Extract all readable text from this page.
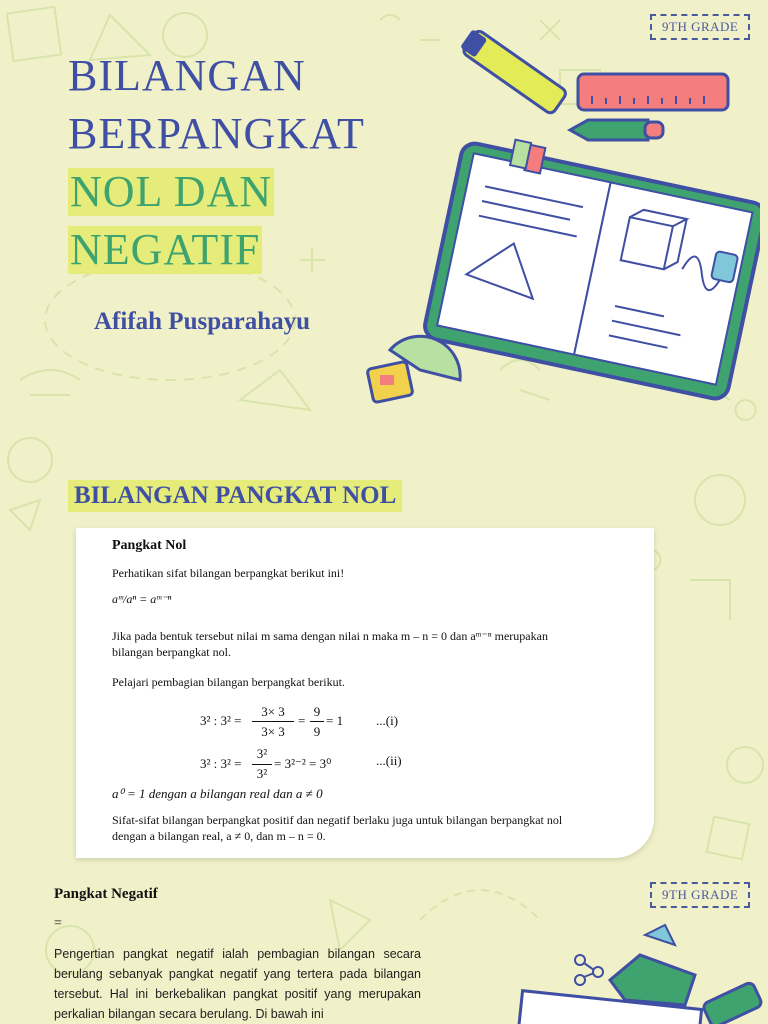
9TH GRADE
BILANGAN
BERPANGKAT
NOL DAN
NEGATIF
Afifah Pusparahayu
BILANGAN PANGKAT NOL
Pangkat Nol
Perhatikan sifat bilangan berpangkat berikut ini!
aᵐ/aⁿ = aᵐ⁻ⁿ
Jika pada bentuk tersebut nilai m sama dengan nilai n maka m – n = 0 dan aᵐ⁻ⁿ merupakan
bilangan berpangkat nol.
Pelajari pembagian bilangan berpangkat berikut.
3² : 3² =
3× 3
3× 3
=
9
9
= 1	...(i)
3² : 3² =
3²
3²
= 3²⁻² = 3⁰	...(ii)
a⁰ = 1 dengan a bilangan real dan a ≠ 0
Sifat-sifat bilangan berpangkat positif dan negatif berlaku juga untuk bilangan berpangkat nol
dengan a bilangan real, a ≠ 0, dan m – n = 0.
Pangkat Negatif
=
Pengertian pangkat negatif ialah pembagian bilangan secara berulang sebanyak pangkat negatif yang tertera pada bilangan tersebut. Hal ini berkebalikan pangkat positif yang merupakan perkalian bilangan secara berulang. Di bawah ini
9TH GRADE
